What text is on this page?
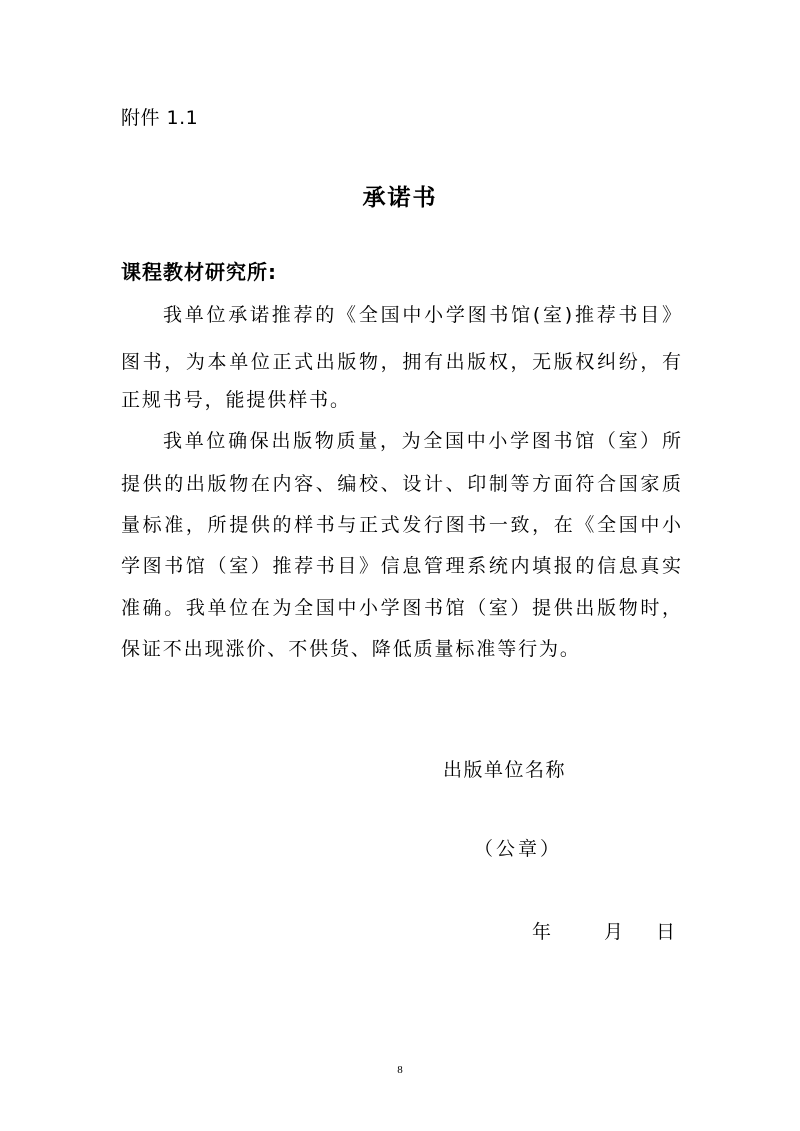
附件 1.1
承诺书
课程教材研究所:
我单位承诺推荐的《全国中小学图书馆(室)推荐书目》
图书，为本单位正式出版物，拥有出版权，无版权纠纷，有
正规书号，能提供样书。
我单位确保出版物质量，为全国中小学图书馆（室）所
提供的出版物在内容、编校、设计、印制等方面符合国家质
量标准，所提供的样书与正式发行图书一致，在《全国中小
学图书馆（室）推荐书目》信息管理系统内填报的信息真实
准确。我单位在为全国中小学图书馆（室）提供出版物时，
保证不出现涨价、不供货、降低质量标准等行为。
出版单位名称
（公章）
年	月 日
8
